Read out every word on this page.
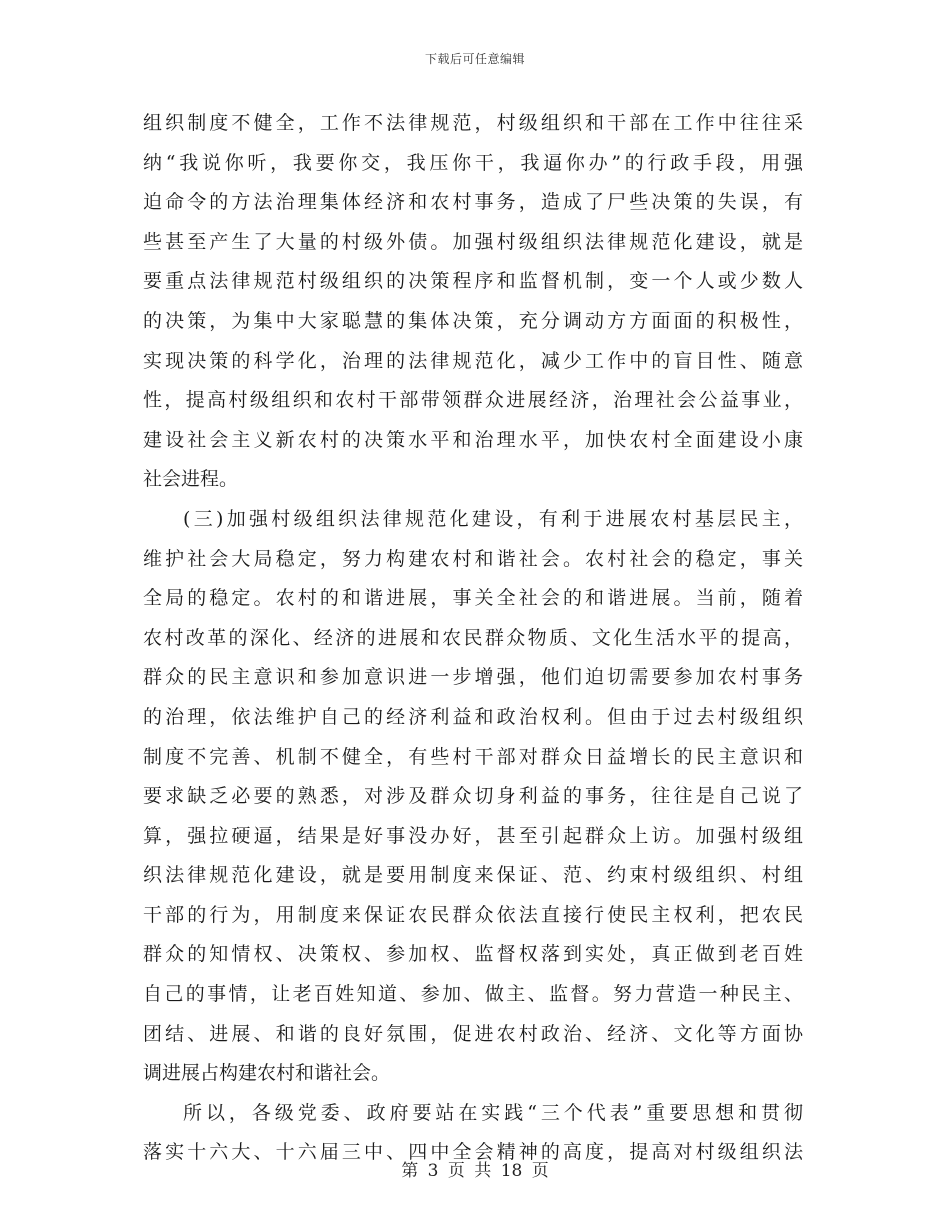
下载后可任意编辑
组织制度不健全，工作不法律规范，村级组织和干部在工作中往往采
纳“我说你听，我要你交，我压你干，我逼你办”的行政手段，用强
迫命令的方法治理集体经济和农村事务，造成了尸些决策的失误，有
些甚至产生了大量的村级外债。加强村级组织法律规范化建设，就是
要重点法律规范村级组织的决策程序和监督机制，变一个人或少数人
的决策，为集中大家聪慧的集体决策，充分调动方方面面的积极性，
实现决策的科学化，治理的法律规范化，减少工作中的盲目性、随意
性，提高村级组织和农村干部带领群众进展经济，治理社会公益事业，
建设社会主义新农村的决策水平和治理水平，加快农村全面建设小康
社会进程。
(三)加强村级组织法律规范化建设，有利于进展农村基层民主，
维护社会大局稳定，努力构建农村和谐社会。农村社会的稳定，事关
全局的稳定。农村的和谐进展，事关全社会的和谐进展。当前，随着
农村改革的深化、经济的进展和农民群众物质、文化生活水平的提高，
群众的民主意识和参加意识进一步增强，他们迫切需要参加农村事务
的治理，依法维护自己的经济利益和政治权利。但由于过去村级组织
制度不完善、机制不健全，有些村干部对群众日益增长的民主意识和
要求缺乏必要的熟悉，对涉及群众切身利益的事务，往往是自己说了
算，强拉硬逼，结果是好事没办好，甚至引起群众上访。加强村级组
织法律规范化建设，就是要用制度来保证、范、约束村级组织、村组
干部的行为，用制度来保证农民群众依法直接行使民主权利，把农民
群众的知情权、决策权、参加权、监督权落到实处，真正做到老百姓
自己的事情，让老百姓知道、参加、做主、监督。努力营造一种民主、
团结、进展、和谐的良好氛围，促进农村政治、经济、文化等方面协
调进展占构建农村和谐社会。
所以，各级党委、政府要站在实践“三个代表”重要思想和贯彻
落实十六大、十六届三中、四中全会精神的高度，提高对村级组织法
第 3 页 共 18 页
